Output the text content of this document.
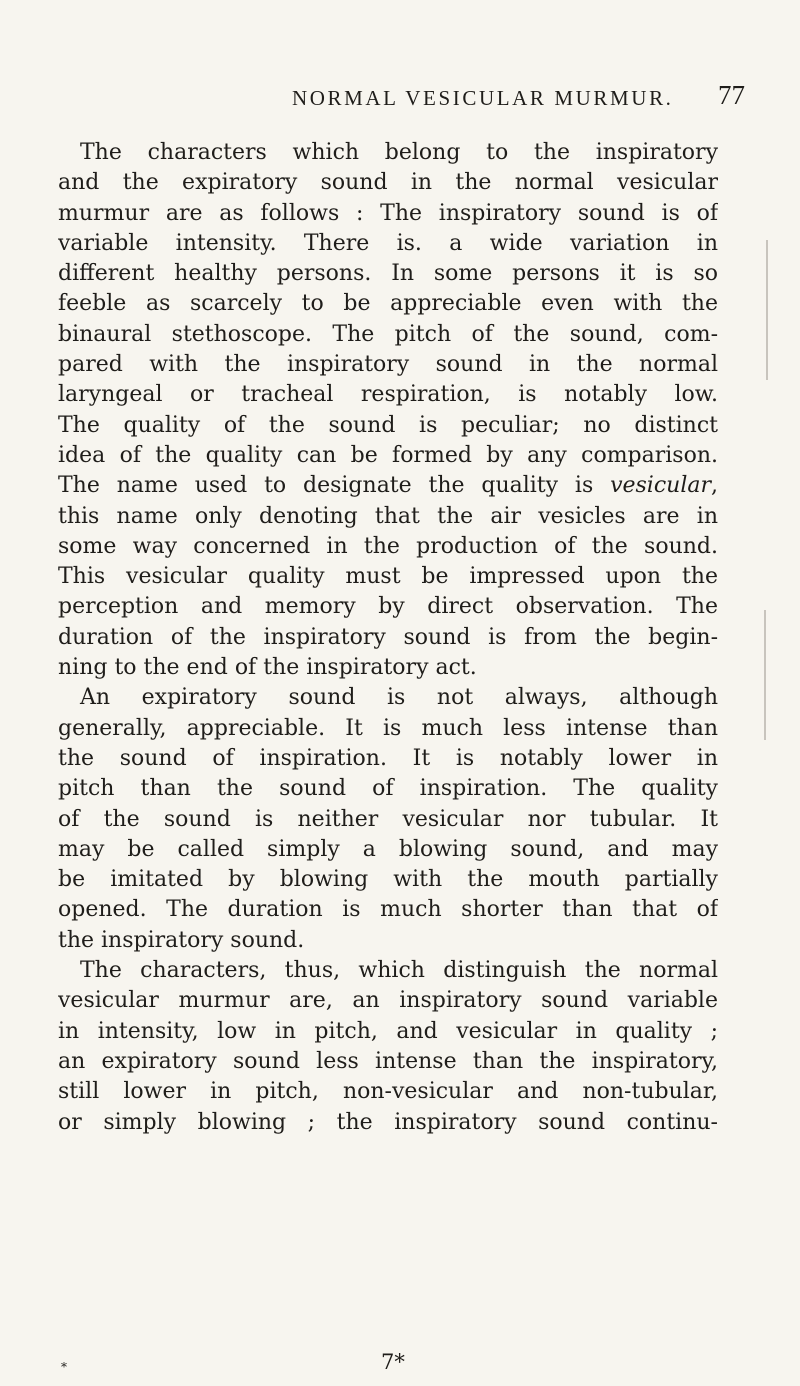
NORMAL VESICULAR MURMUR. 77
The characters which belong to the inspiratory
and the expiratory sound in the normal vesicular
murmur are as follows : The inspiratory sound is of
variable intensity. There is. a wide variation in
different healthy persons. In some persons it is so
feeble as scarcely to be appreciable even with the
binaural stethoscope. The pitch of the sound, com-
pared with the inspiratory sound in the normal
laryngeal or tracheal respiration, is notably low.
The quality of the sound is peculiar; no distinct
idea of the quality can be formed by any comparison.
The name used to designate the quality is vesicular,
this name only denoting that the air vesicles are in
some way concerned in the production of the sound.
This vesicular quality must be impressed upon the
perception and memory by direct observation. The
duration of the inspiratory sound is from the begin-
ning to the end of the inspiratory act.
An expiratory sound is not always, although
generally, appreciable. It is much less intense than
the sound of inspiration. It is notably lower in
pitch than the sound of inspiration. The quality
of the sound is neither vesicular nor tubular. It
may be called simply a blowing sound, and may
be imitated by blowing with the mouth partially
opened. The duration is much shorter than that of
the inspiratory sound.
The characters, thus, which distinguish the normal
vesicular murmur are, an inspiratory sound variable
in intensity, low in pitch, and vesicular in quality ;
an expiratory sound less intense than the inspiratory,
still lower in pitch, non-vesicular and non-tubular,
or simply blowing ; the inspiratory sound continu-
*	7*
